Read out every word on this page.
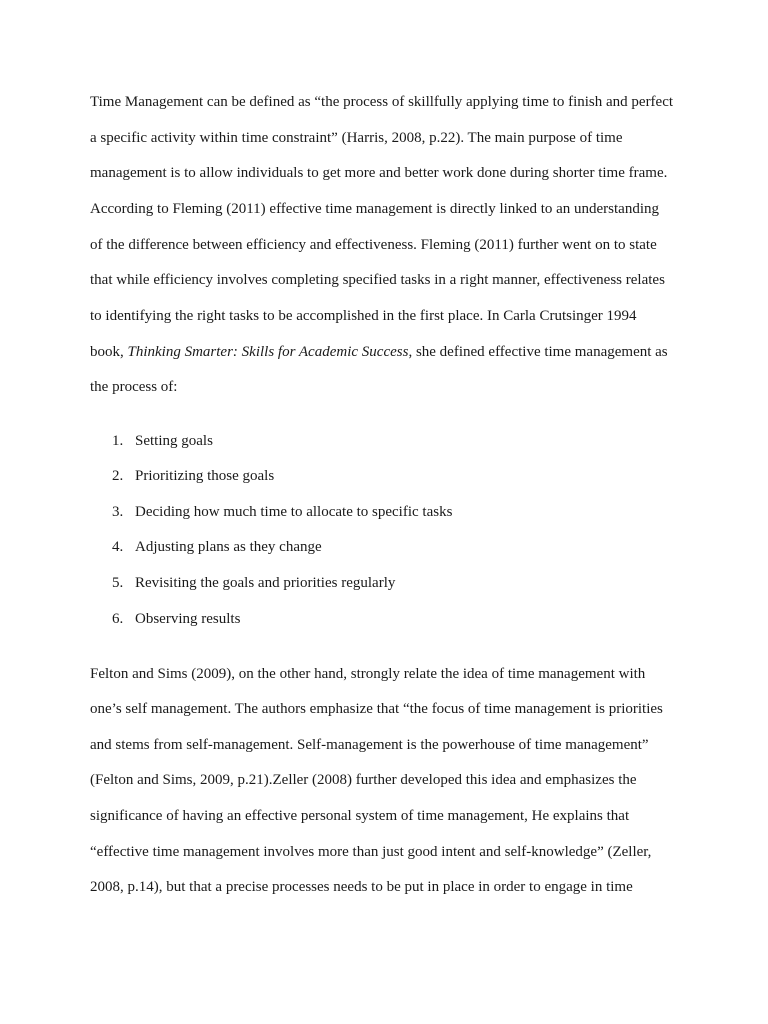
Time Management can be defined as “the process of skillfully applying time to finish and perfect
a specific activity within time constraint” (Harris, 2008, p.22). The main purpose of time
management is to allow individuals to get more and better work done during shorter time frame.
According to Fleming (2011) effective time management is directly linked to an understanding
of the difference between efficiency and effectiveness. Fleming (2011) further went on to state
that while efficiency involves completing specified tasks in a right manner, effectiveness relates
to identifying the right tasks to be accomplished in the first place. In Carla Crutsinger 1994
book, Thinking Smarter: Skills for Academic Success, she defined effective time management as
the process of:
1. Setting goals
2. Prioritizing those goals
3. Deciding how much time to allocate to specific tasks
4. Adjusting plans as they change
5. Revisiting the goals and priorities regularly
6. Observing results
Felton and Sims (2009), on the other hand, strongly relate the idea of time management with
one’s self management. The authors emphasize that “the focus of time management is priorities
and stems from self-management. Self-management is the powerhouse of time management”
(Felton and Sims, 2009, p.21).Zeller (2008) further developed this idea and emphasizes the
significance of having an effective personal system of time management, He explains that
“effective time management involves more than just good intent and self-knowledge” (Zeller,
2008, p.14), but that a precise processes needs to be put in place in order to engage in time
